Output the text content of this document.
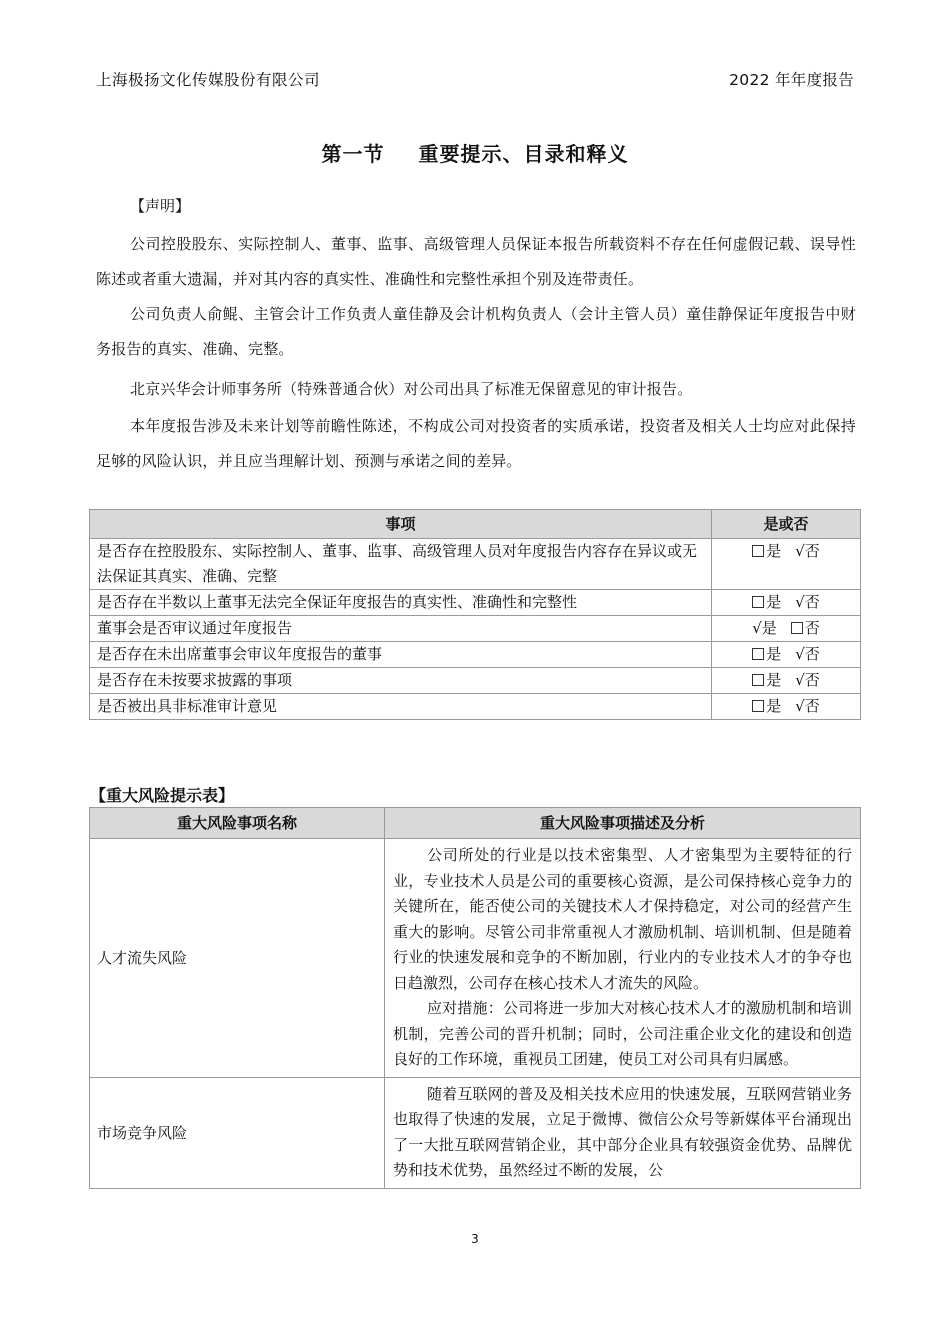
上海极扬文化传媒股份有限公司	2022 年年度报告
第一节 重要提示、目录和释义
【声明】
公司控股股东、实际控制人、董事、监事、高级管理人员保证本报告所载资料不存在任何虚假记载、误导性陈述或者重大遗漏，并对其内容的真实性、准确性和完整性承担个别及连带责任。
公司负责人俞鲲、主管会计工作负责人童佳静及会计机构负责人（会计主管人员）童佳静保证年度报告中财务报告的真实、准确、完整。
北京兴华会计师事务所（特殊普通合伙）对公司出具了标准无保留意见的审计报告。
本年度报告涉及未来计划等前瞻性陈述，不构成公司对投资者的实质承诺，投资者及相关人士均应对此保持足够的风险认识，并且应当理解计划、预测与承诺之间的差异。
事项	是或否
是否存在控股股东、实际控制人、董事、监事、高级管理人员对年度报告内容存在异议或无法保证其真实、准确、完整	是 √否
是否存在半数以上董事无法完全保证年度报告的真实性、准确性和完整性	是 √否
董事会是否审议通过年度报告	√是 否
是否存在未出席董事会审议年度报告的董事	是 √否
是否存在未按要求披露的事项	是 √否
是否被出具非标准审计意见	是 √否
【重大风险提示表】
重大风险事项名称	重大风险事项描述及分析
人才流失风险	公司所处的行业是以技术密集型、人才密集型为主要特征的行业，专业技术人员是公司的重要核心资源，是公司保持核心竞争力的关键所在，能否使公司的关键技术人才保持稳定，对公司的经营产生重大的影响。尽管公司非常重视人才激励机制、培训机制、但是随着行业的快速发展和竞争的不断加剧，行业内的专业技术人才的争夺也日趋激烈，公司存在核心技术人才流失的风险。

应对措施：公司将进一步加大对核心技术人才的激励机制和培训机制，完善公司的晋升机制；同时，公司注重企业文化的建设和创造良好的工作环境，重视员工团建，使员工对公司具有归属感。

市场竞争风险	随着互联网的普及及相关技术应用的快速发展，互联网营销业务也取得了快速的发展，立足于微博、微信公众号等新媒体平台涌现出了一大批互联网营销企业，其中部分企业具有较强资金优势、品牌优势和技术优势，虽然经过不断的发展，公

3
